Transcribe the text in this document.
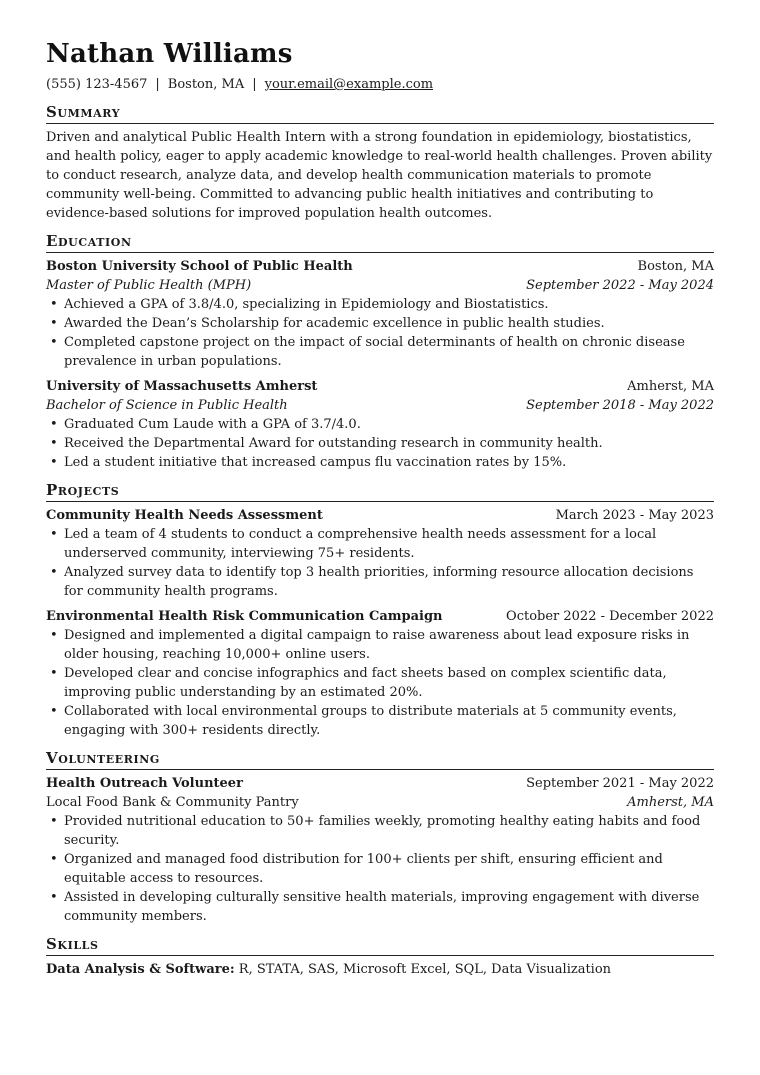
Nathan Williams
(555) 123-4567 | Boston, MA | your.email@example.com
Summary

Driven and analytical Public Health Intern with a strong foundation in epidemiology, biostatistics, and health policy, eager to apply academic knowledge to real-world health challenges. Proven ability to conduct research, analyze data, and develop health communication materials to promote community well-being. Committed to advancing public health initiatives and contributing to evidence-based solutions for improved population health outcomes.

Education
Boston University School of Public Health	Boston, MA
Master of Public Health (MPH)	September 2022 - May 2024
• Achieved a GPA of 3.8/4.0, specializing in Epidemiology and Biostatistics.
• Awarded the Dean’s Scholarship for academic excellence in public health studies.
• Completed capstone project on the impact of social determinants of health on chronic disease prevalence in urban populations.
University of Massachusetts Amherst	Amherst, MA
Bachelor of Science in Public Health	September 2018 - May 2022
• Graduated Cum Laude with a GPA of 3.7/4.0.
• Received the Departmental Award for outstanding research in community health.
• Led a student initiative that increased campus flu vaccination rates by 15%.
Projects
Community Health Needs Assessment	March 2023 - May 2023
• Led a team of 4 students to conduct a comprehensive health needs assessment for a local underserved community, interviewing 75+ residents.
• Analyzed survey data to identify top 3 health priorities, informing resource allocation decisions for community health programs.
Environmental Health Risk Communication Campaign	October 2022 - December 2022
• Designed and implemented a digital campaign to raise awareness about lead exposure risks in older housing, reaching 10,000+ online users.
• Developed clear and concise infographics and fact sheets based on complex scientific data, improving public understanding by an estimated 20%.
• Collaborated with local environmental groups to distribute materials at 5 community events, engaging with 300+ residents directly.
Volunteering
Health Outreach Volunteer	September 2021 - May 2022
Local Food Bank & Community Pantry	Amherst, MA
• Provided nutritional education to 50+ families weekly, promoting healthy eating habits and food security.
• Organized and managed food distribution for 100+ clients per shift, ensuring efficient and equitable access to resources.
• Assisted in developing culturally sensitive health materials, improving engagement with diverse community members.
Skills
Data Analysis & Software: R, STATA, SAS, Microsoft Excel, SQL, Data Visualization
